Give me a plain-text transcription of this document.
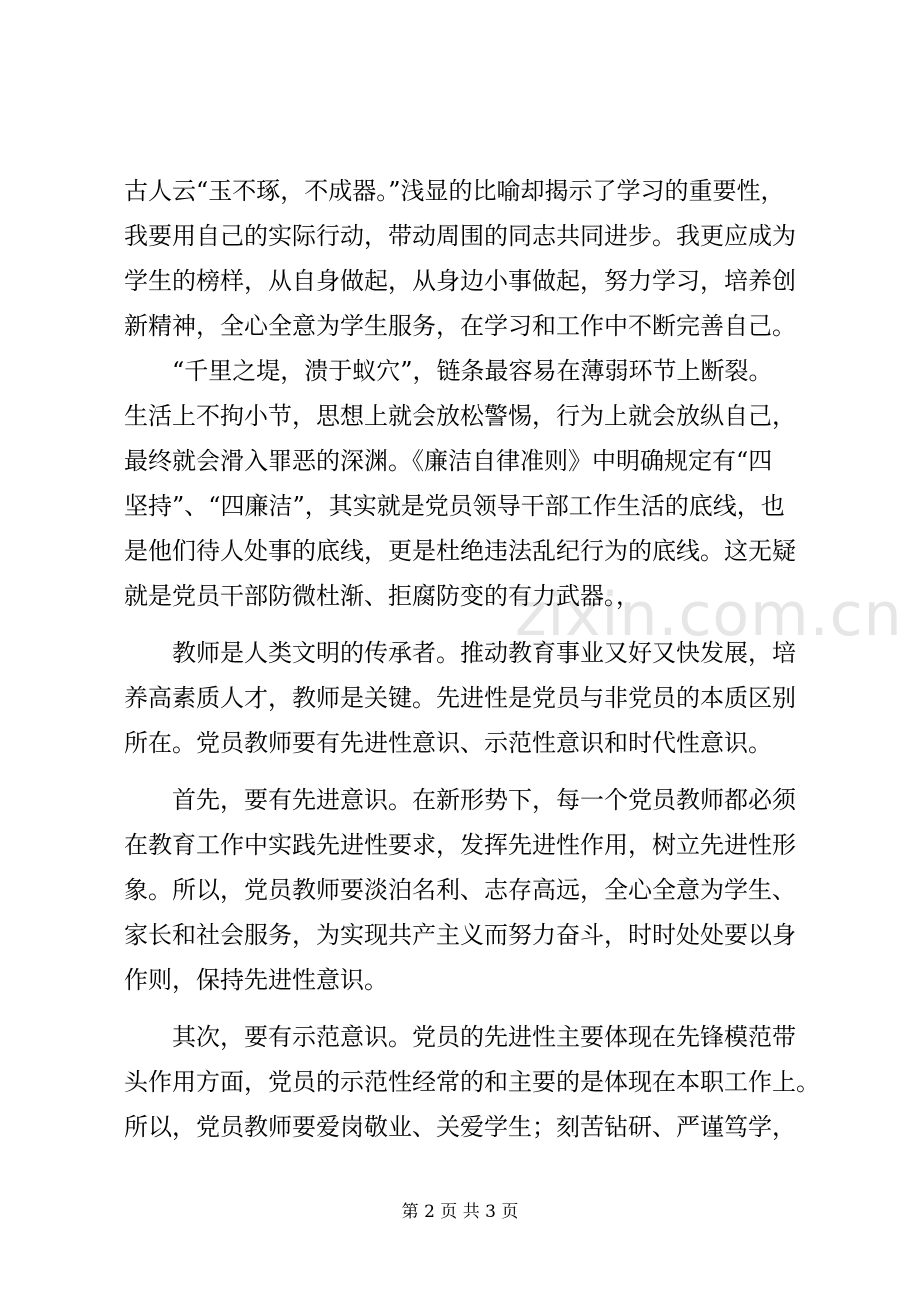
zixin.com.cn
古人云“玉不琢，不成器。”浅显的比喻却揭示了学习的重要性，
我要用自己的实际行动，带动周围的同志共同进步。我更应成为
学生的榜样，从自身做起，从身边小事做起，努力学习，培养创
新精神，全心全意为学生服务，在学习和工作中不断完善自己。
　　“千里之堤，溃于蚁穴”，链条最容易在薄弱环节上断裂。
生活上不拘小节，思想上就会放松警惕，行为上就会放纵自己，
最终就会滑入罪恶的深渊。《廉洁自律准则》中明确规定有“四
坚持”、“四廉洁”，其实就是党员领导干部工作生活的底线，也
是他们待人处事的底线，更是杜绝违法乱纪行为的底线。这无疑
就是党员干部防微杜渐、拒腐防变的有力武器。，
　　教师是人类文明的传承者。推动教育事业又好又快发展，培
养高素质人才，教师是关键。先进性是党员与非党员的本质区别
所在。党员教师要有先进性意识、示范性意识和时代性意识。
　　首先，要有先进意识。在新形势下，每一个党员教师都必须
在教育工作中实践先进性要求，发挥先进性作用，树立先进性形
象。所以，党员教师要淡泊名利、志存高远，全心全意为学生、
家长和社会服务，为实现共产主义而努力奋斗，时时处处要以身
作则，保持先进性意识。
　　其次，要有示范意识。党员的先进性主要体现在先锋模范带
头作用方面，党员的示范性经常的和主要的是体现在本职工作上。
所以，党员教师要爱岗敬业、关爱学生；刻苦钻研、严谨笃学，
第 2 页 共 3 页
